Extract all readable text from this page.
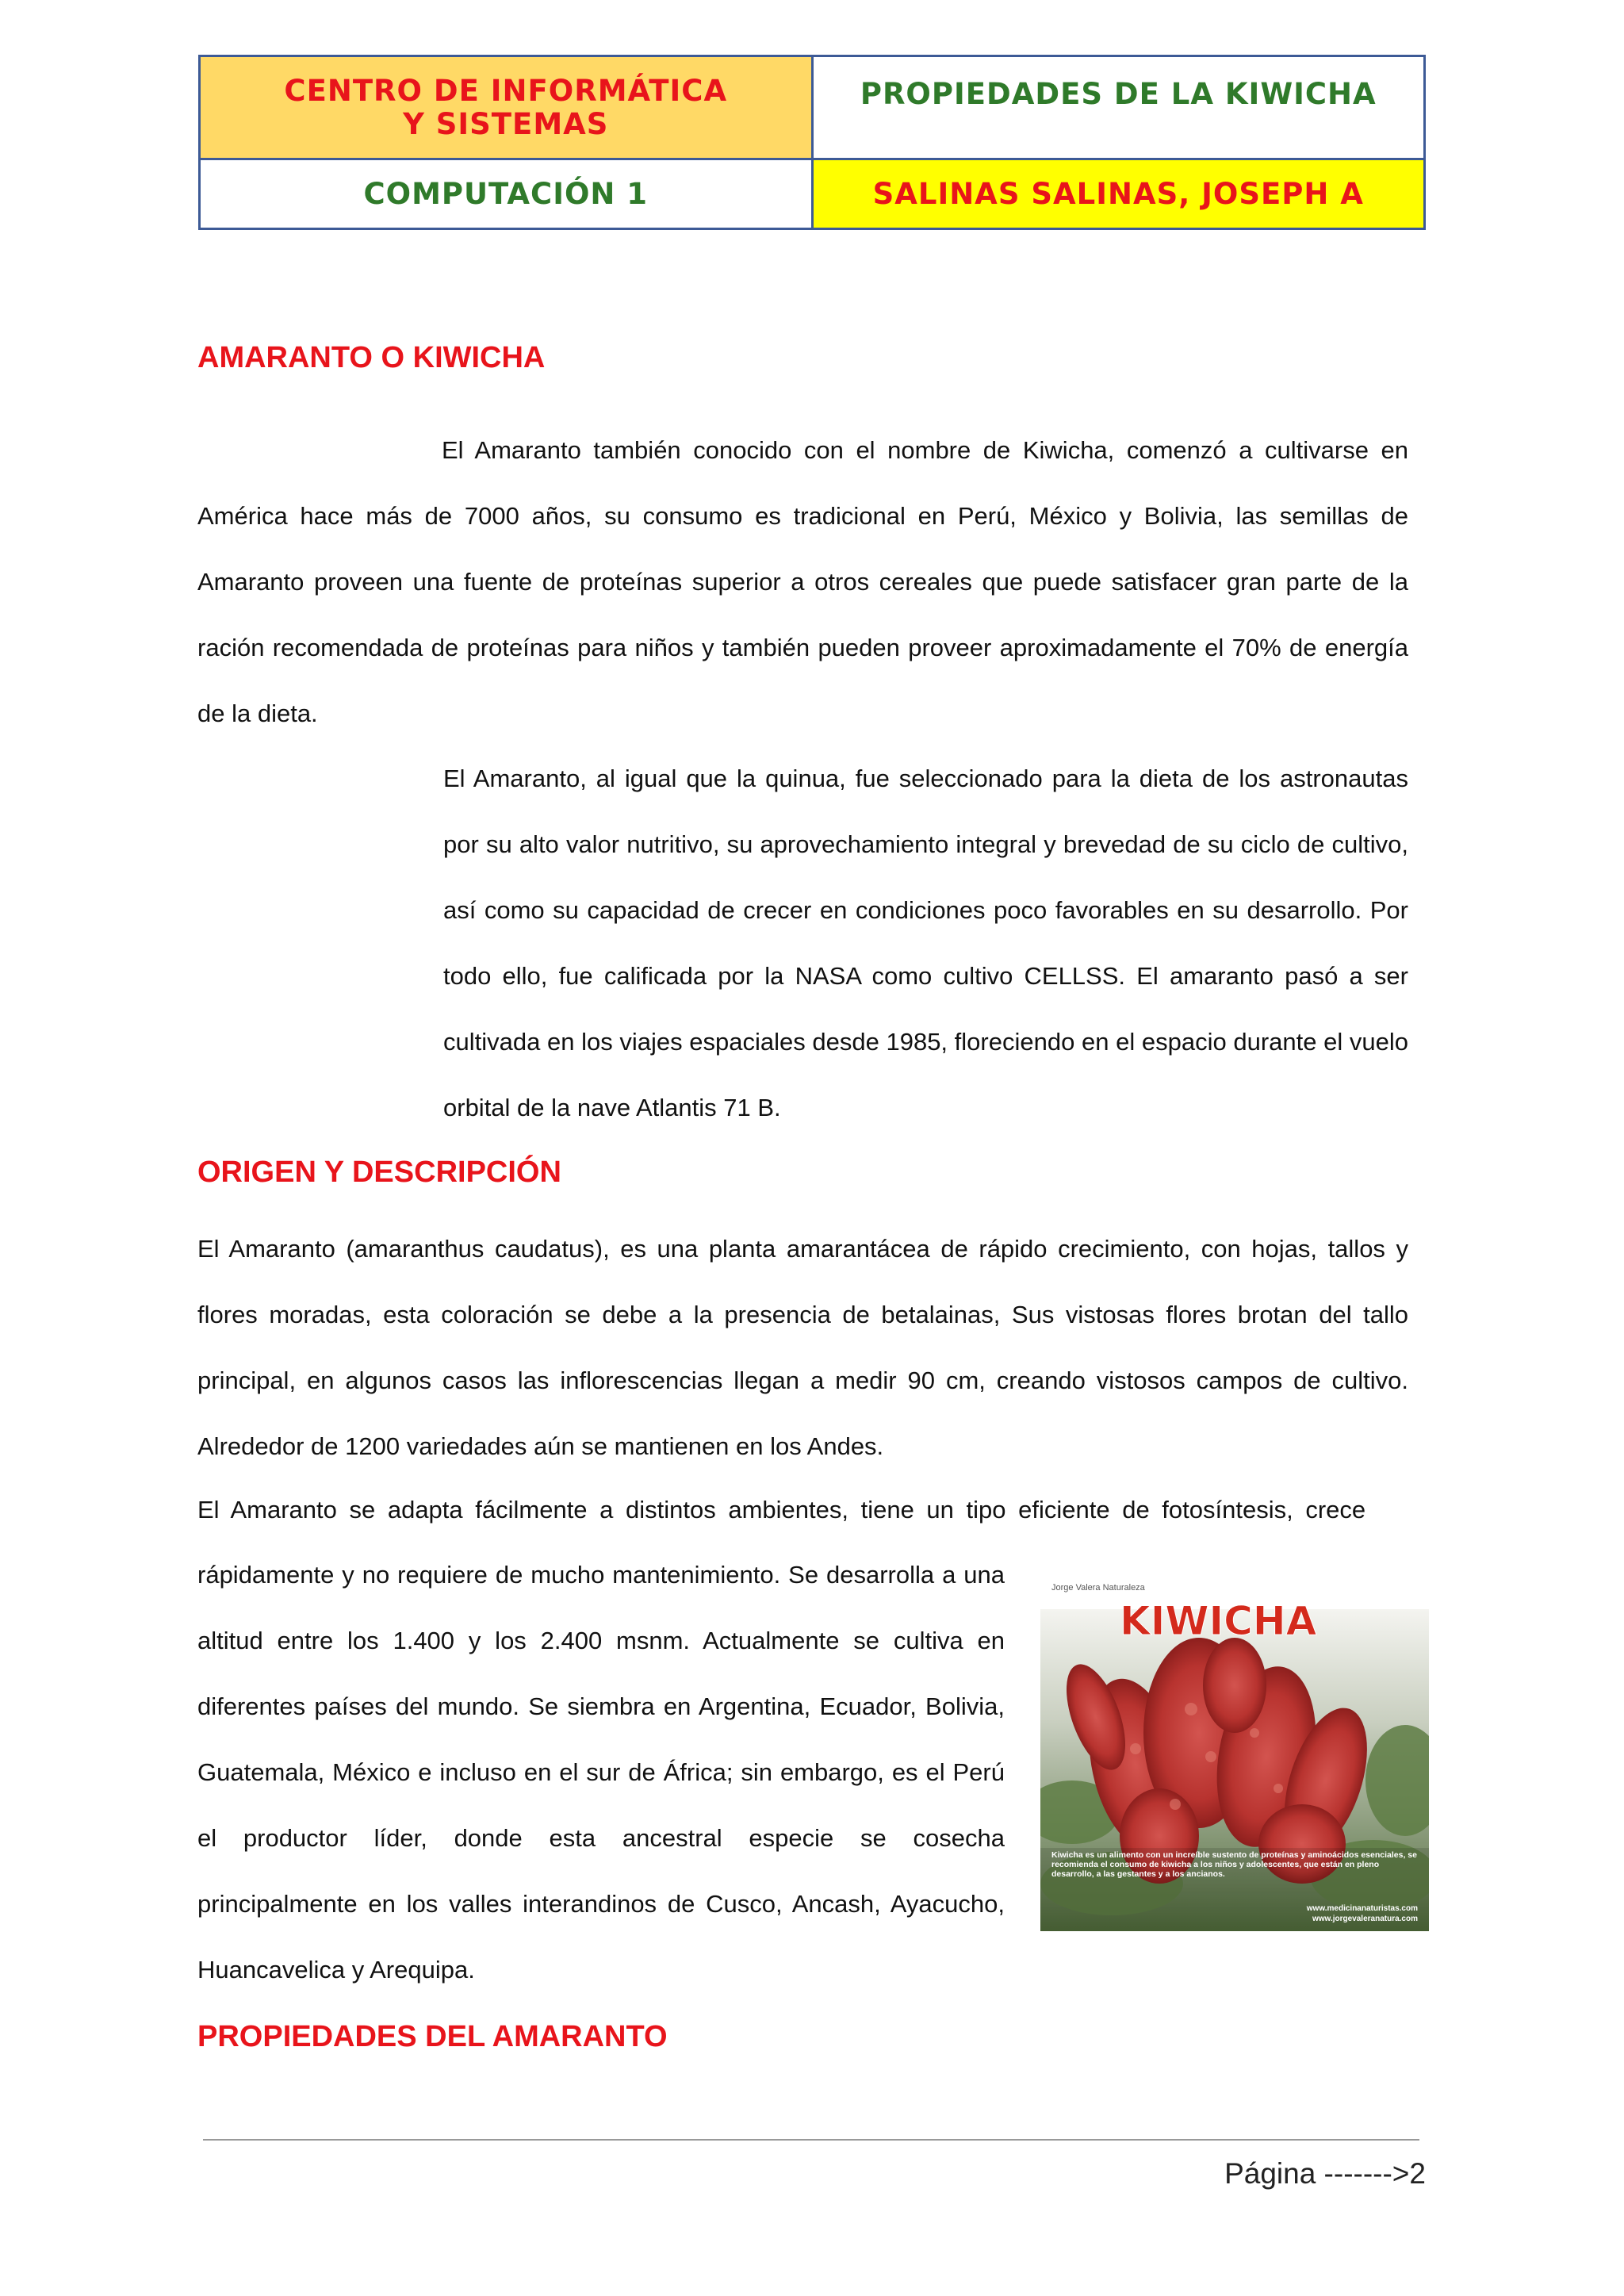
CENTRO DE INFORMÁTICA Y SISTEMAS	PROPIEDADES DE LA KIWICHA
COMPUTACIÓN 1	SALINAS SALINAS, JOSEPH A
AMARANTO O KIWICHA

El Amaranto también conocido con el nombre de Kiwicha, comenzó a cultivarse en América hace más de 7000 años, su consumo es tradicional en Perú, México y Bolivia, las semillas de Amaranto proveen una fuente de proteínas superior a otros cereales que puede satisfacer gran parte de la ración recomendada de proteínas para niños y también pueden proveer aproximadamente el 70% de energía de la dieta.

El Amaranto, al igual que la quinua, fue seleccionado para la dieta de los astronautas por su alto valor nutritivo, su aprovechamiento integral y brevedad de su ciclo de cultivo, así como su capacidad de crecer en condiciones poco favorables en su desarrollo. Por todo ello, fue calificada por la NASA como cultivo CELLSS. El amaranto pasó a ser cultivada en los viajes espaciales desde 1985, floreciendo en el espacio durante el vuelo orbital de la nave Atlantis 71 B.

ORIGEN Y DESCRIPCIÓN

El Amaranto (amaranthus caudatus), es una planta amarantácea de rápido crecimiento, con hojas, tallos y flores moradas, esta coloración se debe a la presencia de betalainas, Sus vistosas flores brotan del tallo principal, en algunos casos las inflorescencias llegan a medir 90 cm, creando vistosos campos de cultivo. Alrededor de 1200 variedades aún se mantienen en los Andes.

El Amaranto se adapta fácilmente a distintos ambientes, tiene un tipo eficiente de fotosíntesis, crece

rápidamente y no requiere de mucho mantenimiento. Se desarrolla a una altitud entre los 1.400 y los 2.400 msnm. Actualmente se cultiva en diferentes países del mundo. Se siembra en Argentina, Ecuador, Bolivia, Guatemala, México e incluso en el sur de África; sin embargo, es el Perú el productor líder, donde esta ancestral especie se cosecha principalmente en los valles interandinos de Cusco, Ancash, Ayacucho, Huancavelica y Arequipa.

Jorge Valera Naturaleza
KIWICHA
Kiwicha es un alimento con un increíble sustento de proteínas y aminoácidos esenciales, se recomienda el consumo de kiwicha a los niños y adolescentes, que están en pleno desarrollo, a las gestantes y a los ancianos.
www.medicinanaturistas.com
www.jorgevaleranatura.com
PROPIEDADES DEL AMARANTO
Página ------->2
